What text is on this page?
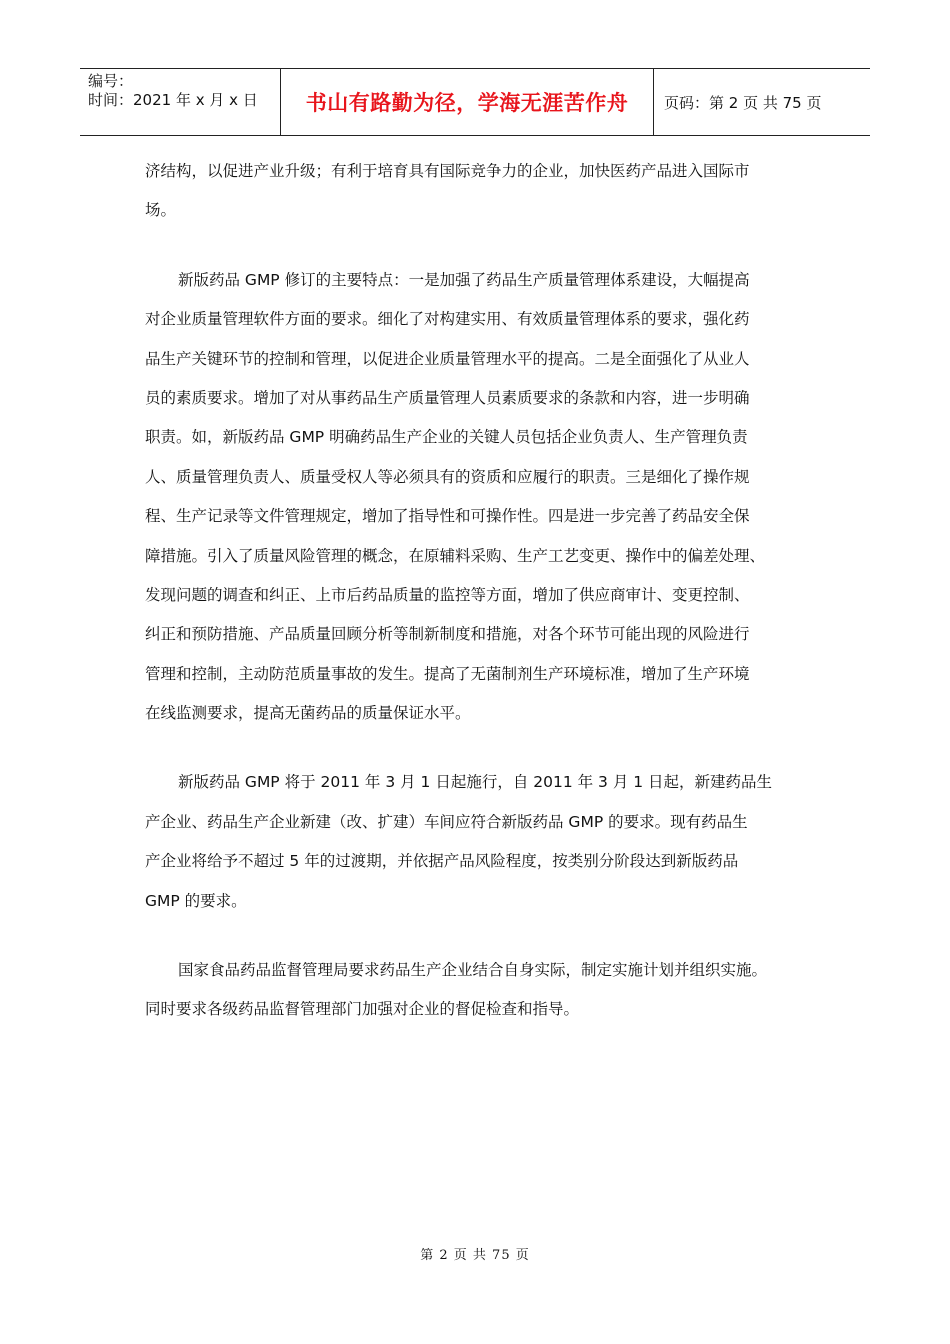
编号：
时间：2021 年 x 月 x 日	书山有路勤为径，学海无涯苦作舟	页码：第 2 页 共 75 页

济结构，以促进产业升级；有利于培育具有国际竞争力的企业，加快医药产品进入国际市

场。

新版药品 GMP 修订的主要特点：一是加强了药品生产质量管理体系建设，大幅提高

对企业质量管理软件方面的要求。细化了对构建实用、有效质量管理体系的要求，强化药

品生产关键环节的控制和管理，以促进企业质量管理水平的提高。二是全面强化了从业人

员的素质要求。增加了对从事药品生产质量管理人员素质要求的条款和内容，进一步明确

职责。如，新版药品 GMP 明确药品生产企业的关键人员包括企业负责人、生产管理负责

人、质量管理负责人、质量受权人等必须具有的资质和应履行的职责。三是细化了操作规

程、生产记录等文件管理规定，增加了指导性和可操作性。四是进一步完善了药品安全保

障措施。引入了质量风险管理的概念，在原辅料采购、生产工艺变更、操作中的偏差处理、

发现问题的调查和纠正、上市后药品质量的监控等方面，增加了供应商审计、变更控制、

纠正和预防措施、产品质量回顾分析等制新制度和措施，对各个环节可能出现的风险进行

管理和控制，主动防范质量事故的发生。提高了无菌制剂生产环境标准，增加了生产环境

在线监测要求，提高无菌药品的质量保证水平。

新版药品 GMP 将于 2011 年 3 月 1 日起施行，自 2011 年 3 月 1 日起，新建药品生

产企业、药品生产企业新建（改、扩建）车间应符合新版药品 GMP 的要求。现有药品生

产企业将给予不超过 5 年的过渡期，并依据产品风险程度，按类别分阶段达到新版药品

GMP 的要求。

国家食品药品监督管理局要求药品生产企业结合自身实际，制定实施计划并组织实施。

同时要求各级药品监督管理部门加强对企业的督促检查和指导。

第 2 页 共 75 页
